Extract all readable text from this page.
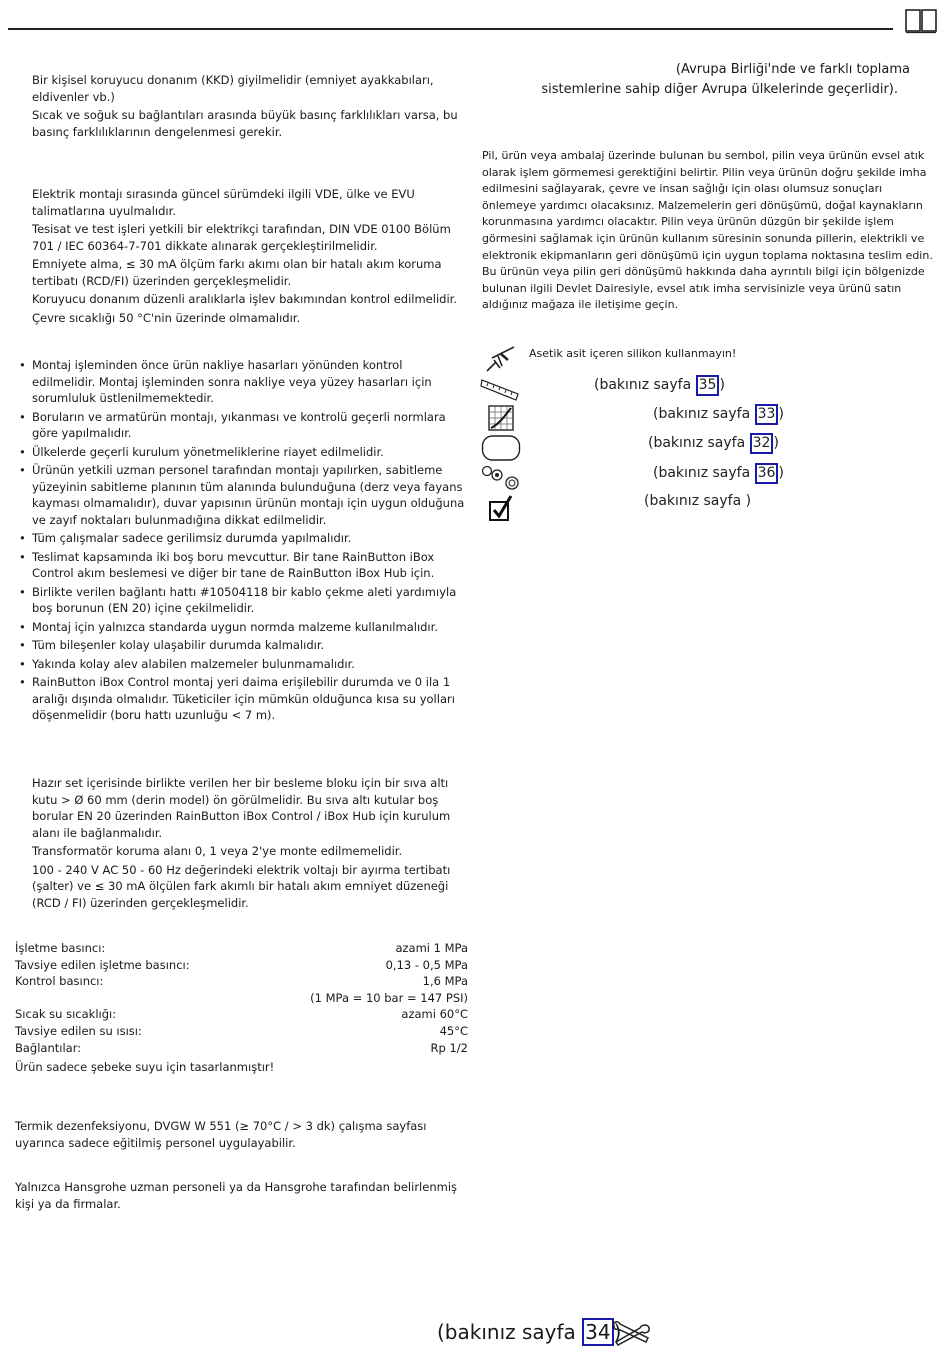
Bir kişisel koruyucu donanım (KKD) giyilmelidir (emniyet ayakkabıları, eldivenler vb.)

Sıcak ve soğuk su bağlantıları arasında büyük basınç farklılıkları varsa, bu basınç farklılıklarının dengelenmesi gerekir.

Elektrik montajı sırasında güncel sürümdeki ilgili VDE, ülke ve EVU talimatlarına uyulmalıdır.

Tesisat ve test işleri yetkili bir elektrikçi tarafından, DIN VDE 0100 Bölüm 701 / IEC 60364-7-701 dikkate alınarak gerçekleştirilmelidir.

Emniyete alma, ≤ 30 mA ölçüm farkı akımı olan bir hatalı akım koruma tertibatı (RCD/FI) üzerinden gerçekleşmelidir.

Koruyucu donanım düzenli aralıklarla işlev bakımından kontrol edilmelidir.

Çevre sıcaklığı 50 °C'nin üzerinde olmamalıdır.

• Montaj işleminden önce ürün nakliye hasarları yönünden kontrol edilmelidir. Montaj işleminden sonra nakliye veya yüzey hasarları için sorumluluk üstlenilmemektedir.
• Boruların ve armatürün montajı, yıkanması ve kontrolü geçerli normlara göre yapılmalıdır.
• Ülkelerde geçerli kurulum yönetmeliklerine riayet edilmelidir.
• Ürünün yetkili uzman personel tarafından montajı yapılırken, sabitleme yüzeyinin sabitleme planının tüm alanında bulunduğuna (derz veya fayans kayması olmamalıdır), duvar yapısının ürünün montajı için uygun olduğuna ve zayıf noktaları bulunmadığına dikkat edilmelidir.
• Tüm çalışmalar sadece gerilimsiz durumda yapılmalıdır.
• Teslimat kapsamında iki boş boru mevcuttur. Bir tane RainButton iBox Control akım beslemesi ve diğer bir tane de RainButton iBox Hub için.
• Birlikte verilen bağlantı hattı #10504118 bir kablo çekme aleti yardımıyla boş borunun (EN 20) içine çekilmelidir.
• Montaj için yalnızca standarda uygun normda malzeme kullanılmalıdır.
• Tüm bileşenler kolay ulaşabilir durumda kalmalıdır.
• Yakında kolay alev alabilen malzemeler bulunmamalıdır.
• RainButton iBox Control montaj yeri daima erişilebilir durumda ve 0 ila 1 aralığı dışında olmalıdır. Tüketiciler için mümkün olduğunca kısa su yolları döşenmelidir (boru hattı uzunluğu < 7 m).

Hazır set içerisinde birlikte verilen her bir besleme bloku için bir sıva altı kutu > Ø 60 mm (derin model) ön görülmelidir. Bu sıva altı kutular boş borular EN 20 üzerinden RainButton iBox Control / iBox Hub için kurulum alanı ile bağlanmalıdır.

Transformatör koruma alanı 0, 1 veya 2'ye monte edilmemelidir.

100 - 240 V AC 50 - 60 Hz değerindeki elektrik voltajı bir ayırma tertibatı (şalter) ve ≤ 30 mA ölçülen fark akımlı bir hatalı akım emniyet düzeneği (RCD / FI) üzerinden gerçekleşmelidir.

İşletme basıncı:	azami 1 MPa
Tavsiye edilen işletme basıncı:	0,13 - 0,5 MPa
Kontrol basıncı:	1,6 MPa
(1 MPa = 10 bar = 147 PSI)
Sıcak su sıcaklığı:	azami 60°C
Tavsiye edilen su ısısı:	45°C
Bağlantılar:	Rp 1/2

Ürün sadece şebeke suyu için tasarlanmıştır!

Termik dezenfeksiyonu, DVGW W 551 (≥ 70°C / > 3 dk) çalışma sayfası uyarınca sadece eğitilmiş personel uygulayabilir.
Yalnızca Hansgrohe uzman personeli ya da Hansgrohe tarafından belirlenmiş kişi ya da firmalar.
(Avrupa Birliği'nde ve farklı toplama
sistemlerine sahip diğer Avrupa ülkelerinde geçerlidir).
Pil, ürün veya ambalaj üzerinde bulunan bu sembol, pilin veya ürünün evsel atık olarak işlem görmemesi gerektiğini belirtir. Pilin veya ürünün doğru şekilde imha edilmesini sağlayarak, çevre ve insan sağlığı için olası olumsuz sonuçları önlemeye yardımcı olacaksınız. Malzemelerin geri dönüşümü, doğal kaynakların korunmasına yardımcı olacaktır. Pilin veya ürünün düzgün bir şekilde işlem görmesini sağlamak için ürünün kullanım süresinin sonunda pillerin, elektrikli ve elektronik ekipmanların geri dönüşümü için uygun toplama noktasına teslim edin. Bu ürünün veya pilin geri dönüşümü hakkında daha ayrıntılı bilgi için bölgenizde bulunan ilgili Devlet Dairesiyle, evsel atık imha servisinizle veya ürünü satın aldığınız mağaza ile iletişime geçin.
Asetik asit içeren silikon kullanmayın!
(bakınız sayfa 35 )
(bakınız sayfa 33 )
(bakınız sayfa 32 )
(bakınız sayfa 36 )
(bakınız sayfa )
(bakınız sayfa 34 )
